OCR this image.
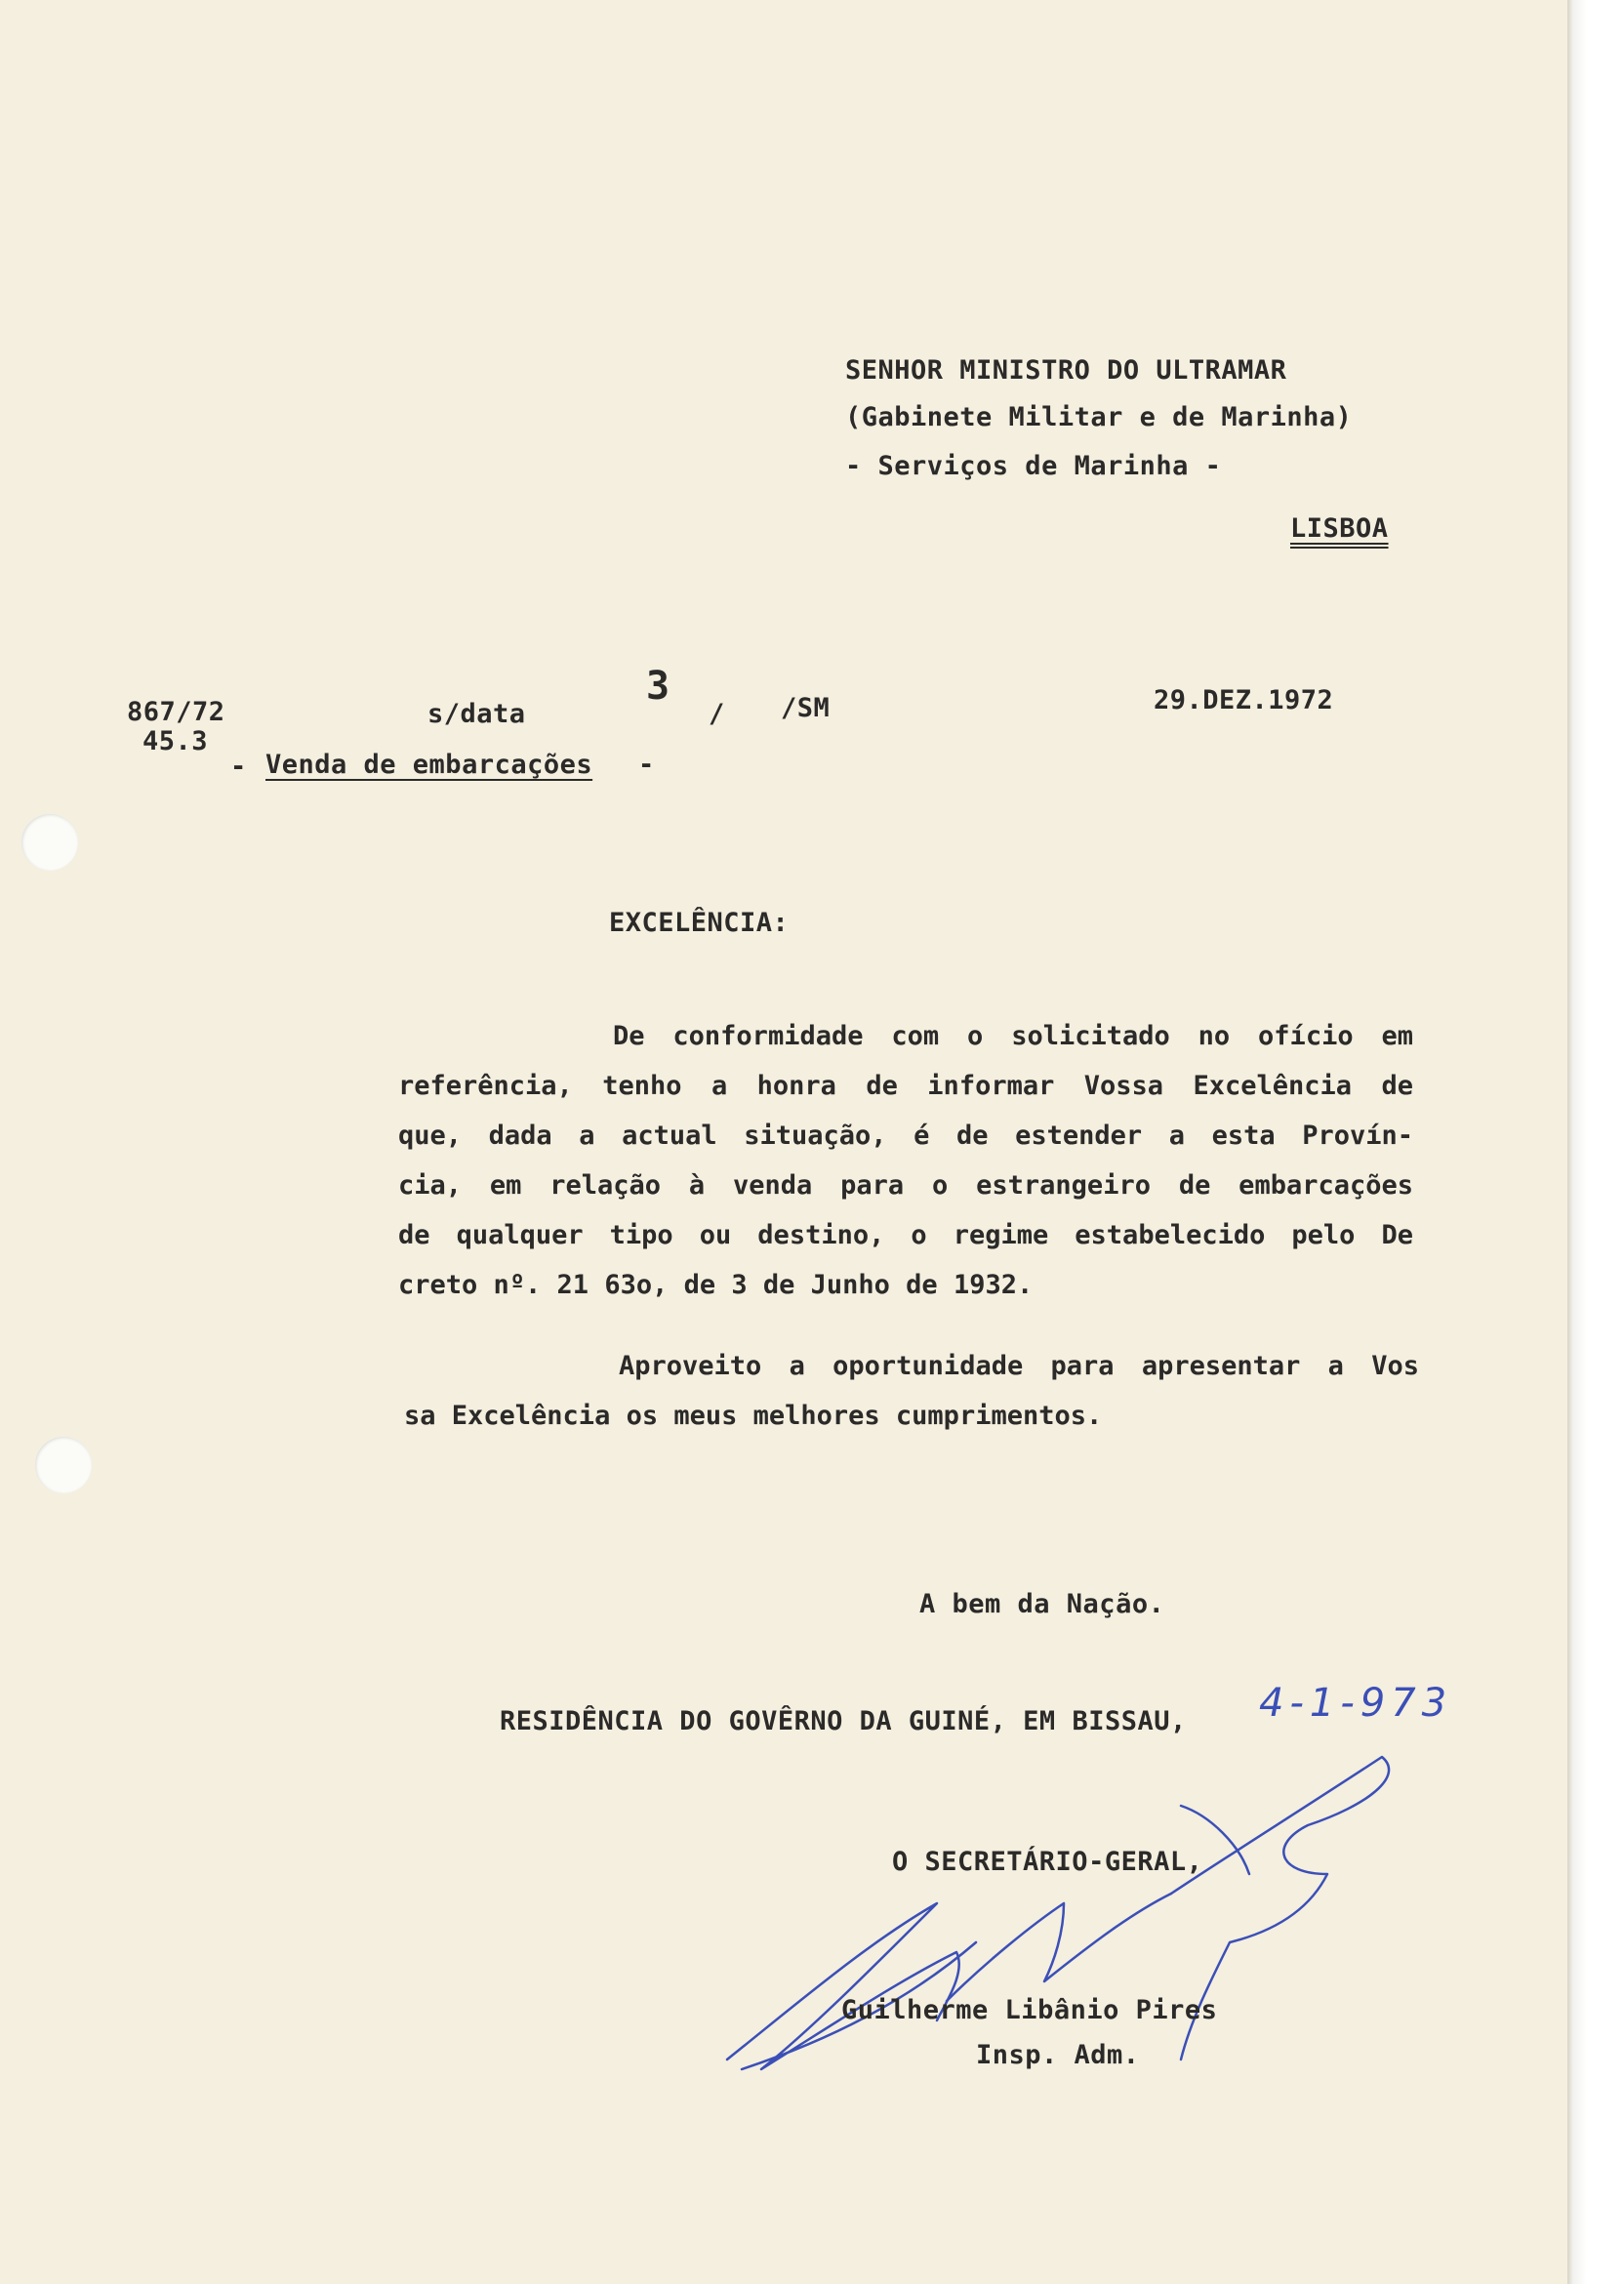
SENHOR MINISTRO DO ULTRAMAR
(Gabinete Militar e de Marinha)
- Serviços de Marinha -
LISBOA
867/72
45.3
s/data
3
/ /SM	29.DEZ.1972
- Venda de embarcações -
EXCELÊNCIA:
De conformidade com o solicitado no ofício em
referência, tenho a honra de informar Vossa Excelência de
que, dada a actual situação, é de estender a esta Provín-
cia, em relação à venda para o estrangeiro de embarcações
de qualquer tipo ou destino, o regime estabelecido pelo De
creto nº. 21 63o, de 3 de Junho de 1932.
Aproveito a oportunidade para apresentar a Vos
sa Excelência os meus melhores cumprimentos.
A bem da Nação.
RESIDÊNCIA DO GOVÊRNO DA GUINÉ, EM BISSAU, 4-1-973
O SECRETÁRIO-GERAL,
Guilherme Libânio Pires
Insp. Adm.
